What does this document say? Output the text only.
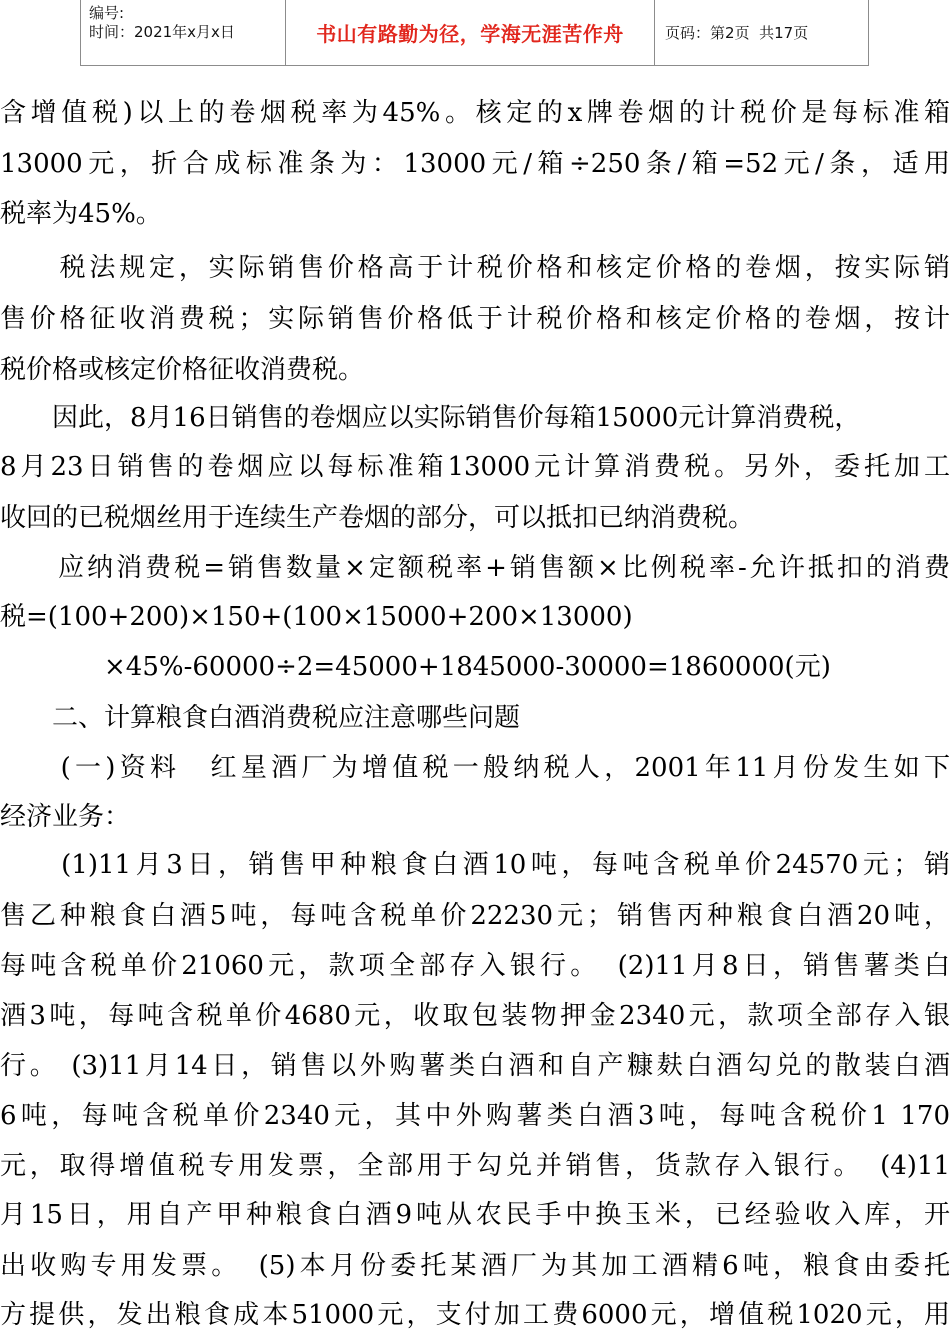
编号:
时间：2021年x月x日	书山有路勤为径，学海无涯苦作舟	页码：第 2 页  共 17 页
含增值税)以上的卷烟税率为45%。核定的x牌卷烟的计税价是每标准箱
13000元，折合成标准条为：13000元/箱÷250条/箱=52元/条，适用
税率为45%。
　　税法规定，实际销售价格高于计税价格和核定价格的卷烟，按实际销
售价格征收消费税；实际销售价格低于计税价格和核定价格的卷烟，按计
税价格或核定价格征收消费税。
　　因此，8月16日销售的卷烟应以实际销售价每箱15000元计算消费税，
8月23日销售的卷烟应以每标准箱13000元计算消费税。另外，委托加工
收回的已税烟丝用于连续生产卷烟的部分，可以抵扣已纳消费税。
　　应纳消费税=销售数量×定额税率+销售额×比例税率-允许抵扣的消费
税=(100+200)×150+(100×15000+200×13000)
　　　　×45%-60000÷2=45000+1845000-30000=1860000(元)
　　二、计算粮食白酒消费税应注意哪些问题
　　(一)资料　红星酒厂为增值税一般纳税人，2001年11月份发生如下
经济业务：
　　(1)11月3日，销售甲种粮食白酒10吨，每吨含税单价24570元；销
售乙种粮食白酒5吨，每吨含税单价22230元；销售丙种粮食白酒20吨，
每吨含税单价21060元，款项全部存入银行。　(2)11月8日，销售薯类白
酒3吨，每吨含税单价4680元，收取包装物押金2340元，款项全部存入银
行。 (3)11月14日，销售以外购薯类白酒和自产糠麸白酒勾兑的散装白酒
6吨，每吨含税单价2340元，其中外购薯类白酒3吨，每吨含税价1 170
元，取得增值税专用发票，全部用于勾兑并销售，货款存入银行。　(4)11
月15日，用自产甲种粮食白酒9吨从农民手中换玉米，已经验收入库，开
出收购专用发票。　(5)本月份委托某酒厂为其加工酒精6吨，粮食由委托
方提供，发出粮食成本51000元，支付加工费6000元，增值税1020元，用
